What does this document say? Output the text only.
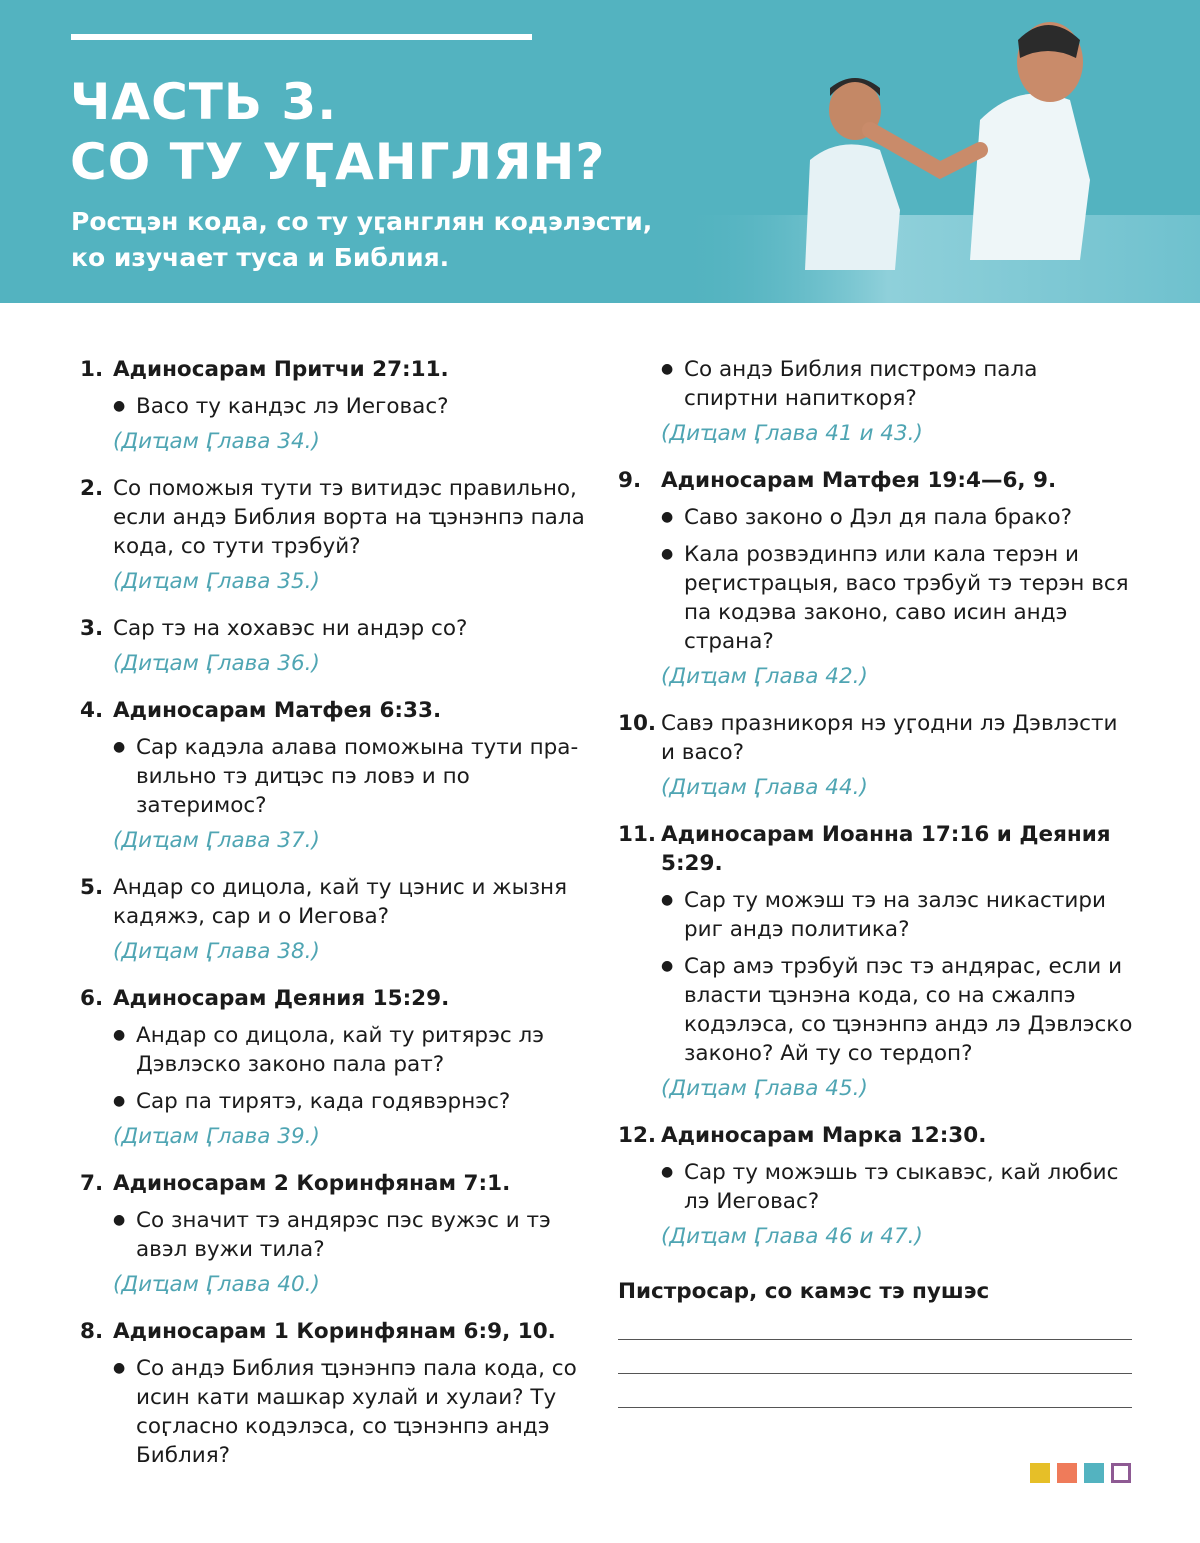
ЧАСТЬ 3.
СО ТУ УӶАНГЛЯН?
Росҵэн кода, со ту уӷанглян кодэлэсти,
ко изучает туса и Библия.
1. Адиносарам Притчи 27:11.
● Васо ту кандэс лэ Иеговас?
(Диҵам Ӷлава 34.)
2. Со поможыя тути тэ витидэс правильно, если андэ Библия ворта на ҵэнэнпэ пала кода, со тути трэбуй?
(Диҵам Ӷлава 35.)
3. Сар тэ на хохавэс ни андэр со?
(Диҵам Ӷлава 36.)
4. Адиносарам Матфея 6:33.
● Сар кадэла алава поможына тути правильно тэ диҵэс пэ ловэ и по затеримос?
(Диҵам Ӷлава 37.)
5. Андар со дицола, кай ту цэнис и жызня кадяжэ, сар и о Иегова?
(Диҵам Ӷлава 38.)
6. Адиносарам Деяния 15:29.
● Андар со дицола, кай ту ритярэс лэ Дэвлэско законо пала рат?
● Сар па тирятэ, када годявэрнэс?
(Диҵам Ӷлава 39.)
7. Адиносарам 2 Коринфянам 7:1.
● Со значит тэ андярэс пэс вужэс и тэ авэл вужи тила?
(Диҵам Ӷлава 40.)
8. Адиносарам 1 Коринфянам 6:9, 10.
● Со андэ Библия ҵэнэнпэ пала кода, со исин кати машкар хулай и хулаи? Ту соӷласно кодэлэса, со ҵэнэнпэ андэ Библия?
● Со андэ Библия пистромэ пала спиртни напиткоря?
(Диҵам Ӷлава 41 и 43.)
9. Адиносарам Матфея 19:4—6, 9.
● Саво законо о Дэл дя пала брако?
● Кала розвэдинпэ или кала терэн и реӷистрацыя, васо трэбуй тэ терэн вся па кодэва законо, саво исин андэ страна?
(Диҵам Ӷлава 42.)
10. Савэ празникоря нэ уӷодни лэ Дэвлэсти и васо?
(Диҵам Ӷлава 44.)
11. Адиносарам Иоанна 17:16 и Деяния 5:29.
● Сар ту можэш тэ на залэс никастири риг андэ политика?
● Сар амэ трэбуй пэс тэ андярас, если и власти ҵэнэна кода, со на сжалпэ кодэлэса, со ҵэнэнпэ андэ лэ Дэвлэско законо? Ай ту со тердоп?
(Диҵам Ӷлава 45.)
12. Адиносарам Марка 12:30.
● Сар ту можэшь тэ сыкавэс, кай любис лэ Иеговас?
(Диҵам Ӷлава 46 и 47.)
Пистросар, со камэс тэ пушэс
